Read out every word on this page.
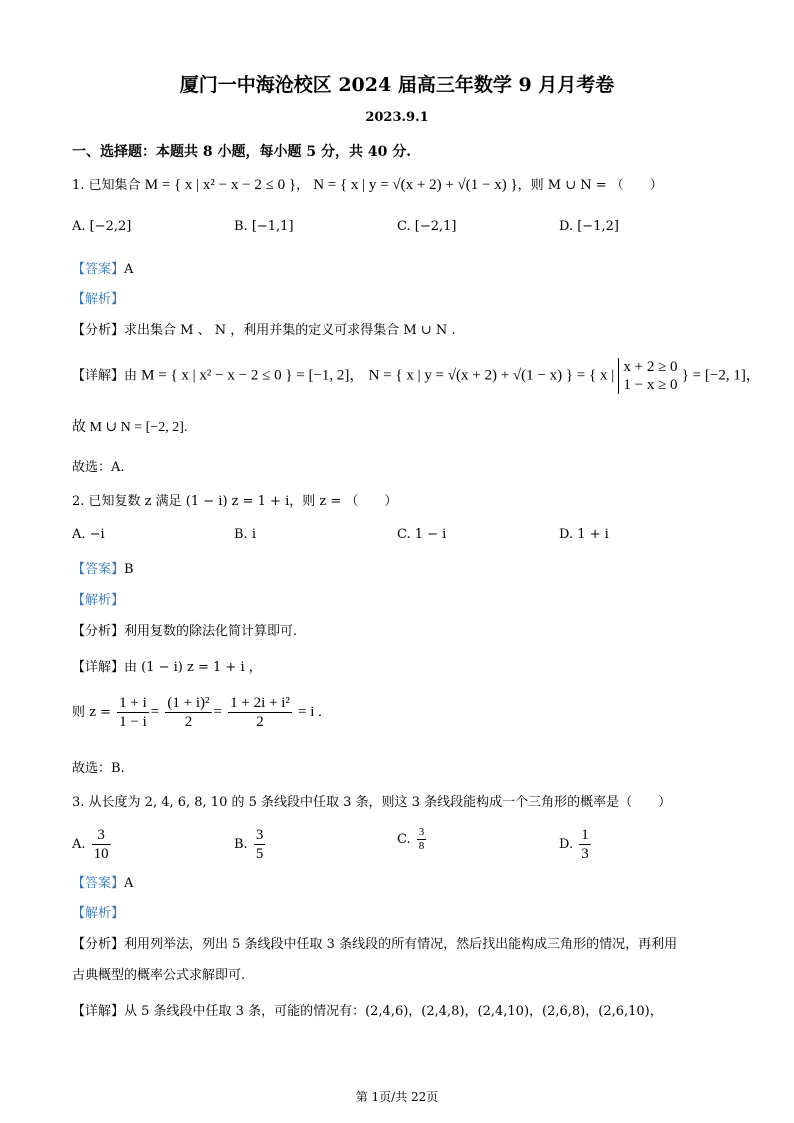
厦门一中海沧校区 2024 届高三年数学 9 月月考卷
2023.9.1
一、选择题：本题共 8 小题，每小题 5 分，共 40 分.
1. 已知集合 M = { x | x² − x − 2 ≤ 0 }， N = { x | y = √(x + 2) + √(1 − x) }，则 M ∪ N = （　　）
A. [−2,2]	B. [−1,1]	C. [−2,1]	D. [−1,2]
【答案】A
【解析】
【分析】求出集合 M 、 N ，利用并集的定义可求得集合 M ∪ N .
【详解】由 M = { x | x² − x − 2 ≤ 0 } = [−1, 2]， N = { x | y = √(x + 2) + √(1 − x) } = { x |
x + 2 ≥ 0
1 − x ≥ 0
} = [−2, 1]，
故 M ∪ N = [−2, 2].
故选：A.
2. 已知复数 z 满足 (1 − i) z = 1 + i，则 z = （　　）
A. −i	B. i	C. 1 − i	D. 1 + i
【答案】B
【解析】
【分析】利用复数的除法化简计算即可.
【详解】由 (1 − i) z = 1 + i ，
则 $z = \frac{1 + i}{1 - i} = \frac{\text{(1 + i)²}}{2} = \frac{\text{1 + 2i + i²}}{2} = i$ .
故选：B.
3. 从长度为 2, 4, 6, 8, 10 的 5 条线段中任取 3 条，则这 3 条线段能构成一个三角形的概率是（　　）
A. $\frac{3}{10}$	B. $\frac{3}{5}$	C. $\frac{3}{8}$	D. $\frac{1}{3}$
【答案】A
【解析】
【分析】利用列举法，列出 5 条线段中任取 3 条线段的所有情况，然后找出能构成三角形的情况，再利用
古典概型的概率公式求解即可.
【详解】从 5 条线段中任取 3 条，可能的情况有：(2,4,6)，(2,4,8)，(2,4,10)，(2,6,8)，(2,6,10)，
第 1页/共 22页
